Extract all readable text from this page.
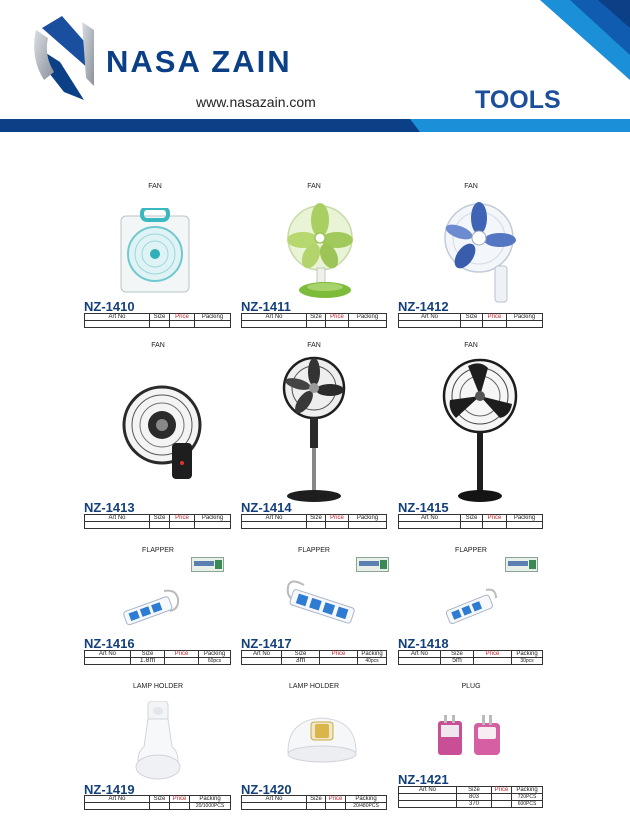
NASA ZAIN
www.nasazain.com	TOOLS
FAN
NZ-1410
Art No	Size	Price	Packing

FAN
NZ-1411
Art No	Size	Price	Packing

FAN
NZ-1412
Art No	Size	Price	Packing

FAN
NZ-1413
Art No	Size	Price	Packing

FAN
NZ-1414
Art No	Size	Price	Packing

FAN
NZ-1415
Art No	Size	Price	Packing

FLAPPER
NZ-1416
Art No	Size	Price	Packing
	1.8m		60pcs
FLAPPER
NZ-1417
Art No	Size	Price	Packing
	3m		40pcs
FLAPPER
NZ-1418
Art No	Size	Price	Packing
	5m		30pcs
LAMP HOLDER
NZ-1419
Art No	Size	Price	Packing
			20/1000PCS
LAMP HOLDER
NZ-1420
Art No	Size	Price	Packing
			20/480PCS
PLUG
NZ-1421
Art No	Size	Price	Packing
	803		720PCS
	370		600PCS
